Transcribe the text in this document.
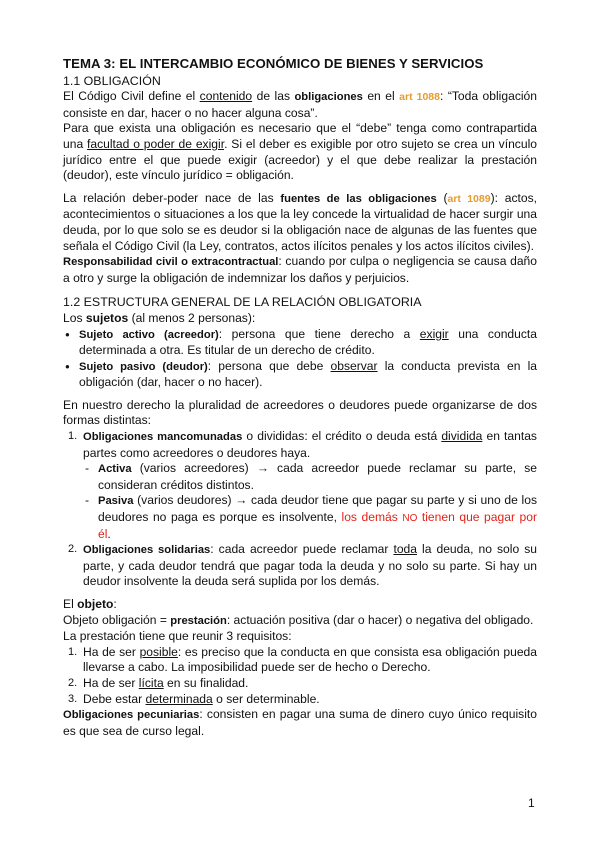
TEMA 3: EL INTERCAMBIO ECONÓMICO DE BIENES Y SERVICIOS
1.1 OBLIGACIÓN

El Código Civil define el contenido de las obligaciones en el art 1088: “Toda obligación consiste en dar, hacer o no hacer alguna cosa”.

Para que exista una obligación es necesario que el “debe” tenga como contrapartida una facultad o poder de exigir. Si el deber es exigible por otro sujeto se crea un vínculo jurídico entre el que puede exigir (acreedor) y el que debe realizar la prestación (deudor), este vínculo jurídico = obligación.

La relación deber-poder nace de las fuentes de las obligaciones (art 1089): actos, acontecimientos o situaciones a los que la ley concede la virtualidad de hacer surgir una deuda, por lo que solo se es deudor si la obligación nace de algunas de las fuentes que señala el Código Civil (la Ley, contratos, actos ilícitos penales y los actos ilícitos civiles).

Responsabilidad civil o extracontractual: cuando por culpa o negligencia se causa daño a otro y surge la obligación de indemnizar los daños y perjuicios.

1.2 ESTRUCTURA GENERAL DE LA RELACIÓN OBLIGATORIA

Los sujetos (al menos 2 personas):

● Sujeto activo (acreedor): persona que tiene derecho a exigir una conducta determinada a otra. Es titular de un derecho de crédito.
● Sujeto pasivo (deudor): persona que debe observar la conducta prevista en la obligación (dar, hacer o no hacer).

En nuestro derecho la pluralidad de acreedores o deudores puede organizarse de dos formas distintas:

1. Obligaciones mancomunadas o divididas: el crédito o deuda está dividida en tantas partes como acreedores o deudores haya.
- Activa (varios acreedores) → cada acreedor puede reclamar su parte, se consideran créditos distintos.
- Pasiva (varios deudores) → cada deudor tiene que pagar su parte y si uno de los deudores no paga es porque es insolvente, los demás NO tienen que pagar por él.
2. Obligaciones solidarias: cada acreedor puede reclamar toda la deuda, no solo su parte, y cada deudor tendrá que pagar toda la deuda y no solo su parte. Si hay un deudor insolvente la deuda será suplida por los demás.

El objeto:

Objeto obligación = prestación: actuación positiva (dar o hacer) o negativa del obligado.

La prestación tiene que reunir 3 requisitos:

1. Ha de ser posible: es preciso que la conducta en que consista esa obligación pueda llevarse a cabo. La imposibilidad puede ser de hecho o Derecho.
2. Ha de ser lícita en su finalidad.
3. Debe estar determinada o ser determinable.

Obligaciones pecuniarias: consisten en pagar una suma de dinero cuyo único requisito es que sea de curso legal.

1
